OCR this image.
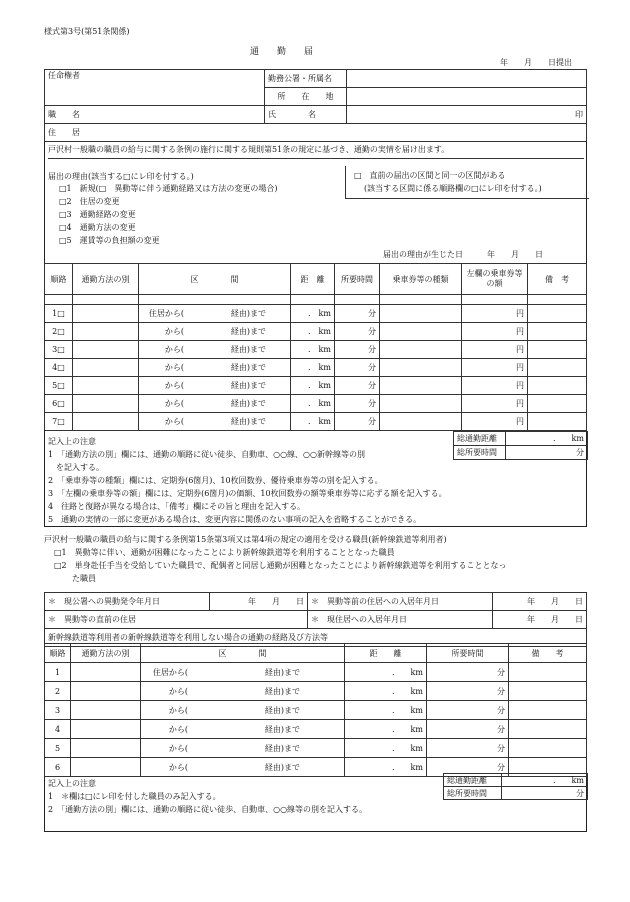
様式第3号(第51条関係)
通　　勤　　届
年　　月　　日提出
任命権者	勤務公署・所属名	
	所　　在　　地	
職　　名	氏　　　　名	印
住　　居		
戸沢村一般職の職員の給与に関する条例の施行に関する規則第51条の規定に基づき、通勤の実情を届け出ます。
届出の理由(該当する□にレ印を付する。)
□1　新規(□　異動等に伴う通勤経路又は方法の変更の場合)
□2　住居の変更
□3　通勤経路の変更
□4　通勤方法の変更
□5　運賃等の負担額の変更
□　直前の届出の区間と同一の区間がある
(該当する区間に係る順路欄の□にレ印を付する。)
届出の理由が生じた日　　　年　　月　　日
順路	通勤方法の別	区　　　　間	距　離	所要時間	乗車券等の種類	左欄の乗車券等の額	備　考

1□		住居から( 経由)まで	.　km	分		円	
2□		から( 経由)まで	.　km	分		円	
3□		から( 経由)まで	.　km	分		円	
4□		から( 経由)まで	.　km	分		円	
5□		から( 経由)まで	.　km	分		円	
6□		から( 経由)まで	.　km	分		円	
7□		から( 経由)まで	.　km	分		円	
記入上の注意
1　「通勤方法の別」欄には、通勤の順路に従い徒歩、自動車、○○線、○○新幹線等の別
　を記入する。
2　「乗車券等の種類」欄には、定期券(6箇月)、10枚回数券、優待乗車券等の別を記入する。
3　「左欄の乗車券等の額」欄には、定期券(6箇月)の価額、10枚回数券の額等乗車券等に応ずる額を記入する。
4　往路と復路が異なる場合は、「備考」欄にその旨と理由を記入する。
5　通勤の実情の一部に変更がある場合は、変更内容に関係のない事項の記入を省略することができる。
総通勤距離	.　　km
総所要時間	分
戸沢村一般職の職員の給与に関する条例第15条第3項又は第4項の規定の適用を受ける職員(新幹線鉄道等利用者)
□1　異動等に伴い、通勤が困難になったことにより新幹線鉄道等を利用することとなった職員
□2　単身赴任手当を受給していた職員で、配偶者と同居し通勤が困難となったことにより新幹線鉄道等を利用することとなっ
た職員
＊　現公署への異動発令年月日	年　　月　　日	＊　異動等前の住居への入居年月日	年　　月　　日
＊　異動等の直前の住居		＊　現住居への入居年月日	年　　月　　日
新幹線鉄道等利用者の新幹線鉄道等を利用しない場合の通勤の経路及び方法等			
順路	通勤方法の別	区　　　　間	距　　離	所要時間	備　　考
1		住居から( 経由)まで	.　　km	分	
2		から( 経由)まで	.　　km	分	
3		から( 経由)まで	.　　km	分	
4		から( 経由)まで	.　　km	分	
5		から( 経由)まで	.　　km	分	
6		から( 経由)まで	.　　km	分	
記入上の注意
1　＊欄は□にレ印を付した職員のみ記入する。
2　「通勤方法の別」欄には、通勤の順路に従い徒歩、自動車、○○線等の別を記入する。
総通勤距離	.　　km
総所要時間	分
